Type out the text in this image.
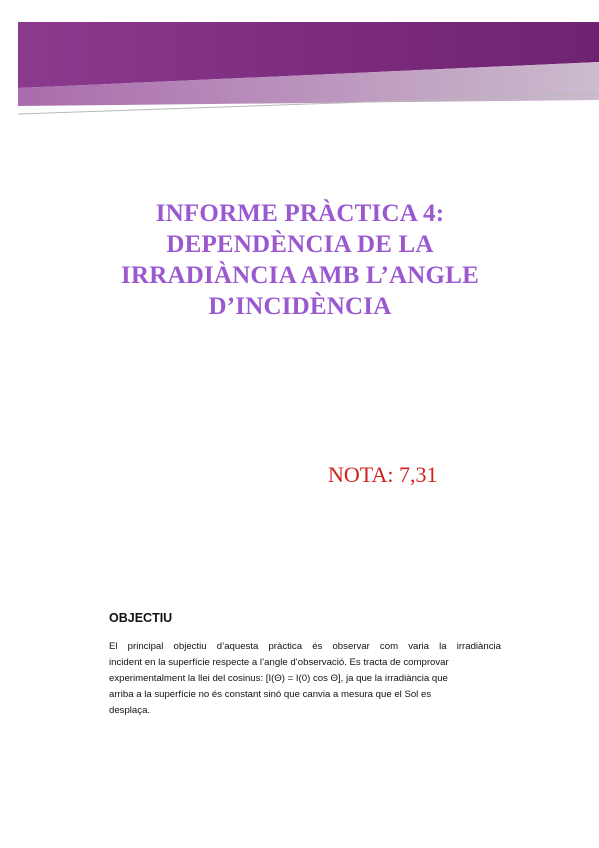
INFORME PRÀCTICA 4:
DEPENDÈNCIA DE LA
IRRADIÀNCIA AMB L’ANGLE
D’INCIDÈNCIA

NOTA: 7,31

OBJECTIU
El principal objectiu d’aquesta pràctica és observar com varia la irradiància
incident en la superfície respecte a l’angle d’observació. Es tracta de comprovar
experimentalment la llei del cosinus: [I(Θ) = I(0) cos Θ], ja que la irradiància que
arriba a la superfície no és constant sinó que canvia a mesura que el Sol es
desplaça.
